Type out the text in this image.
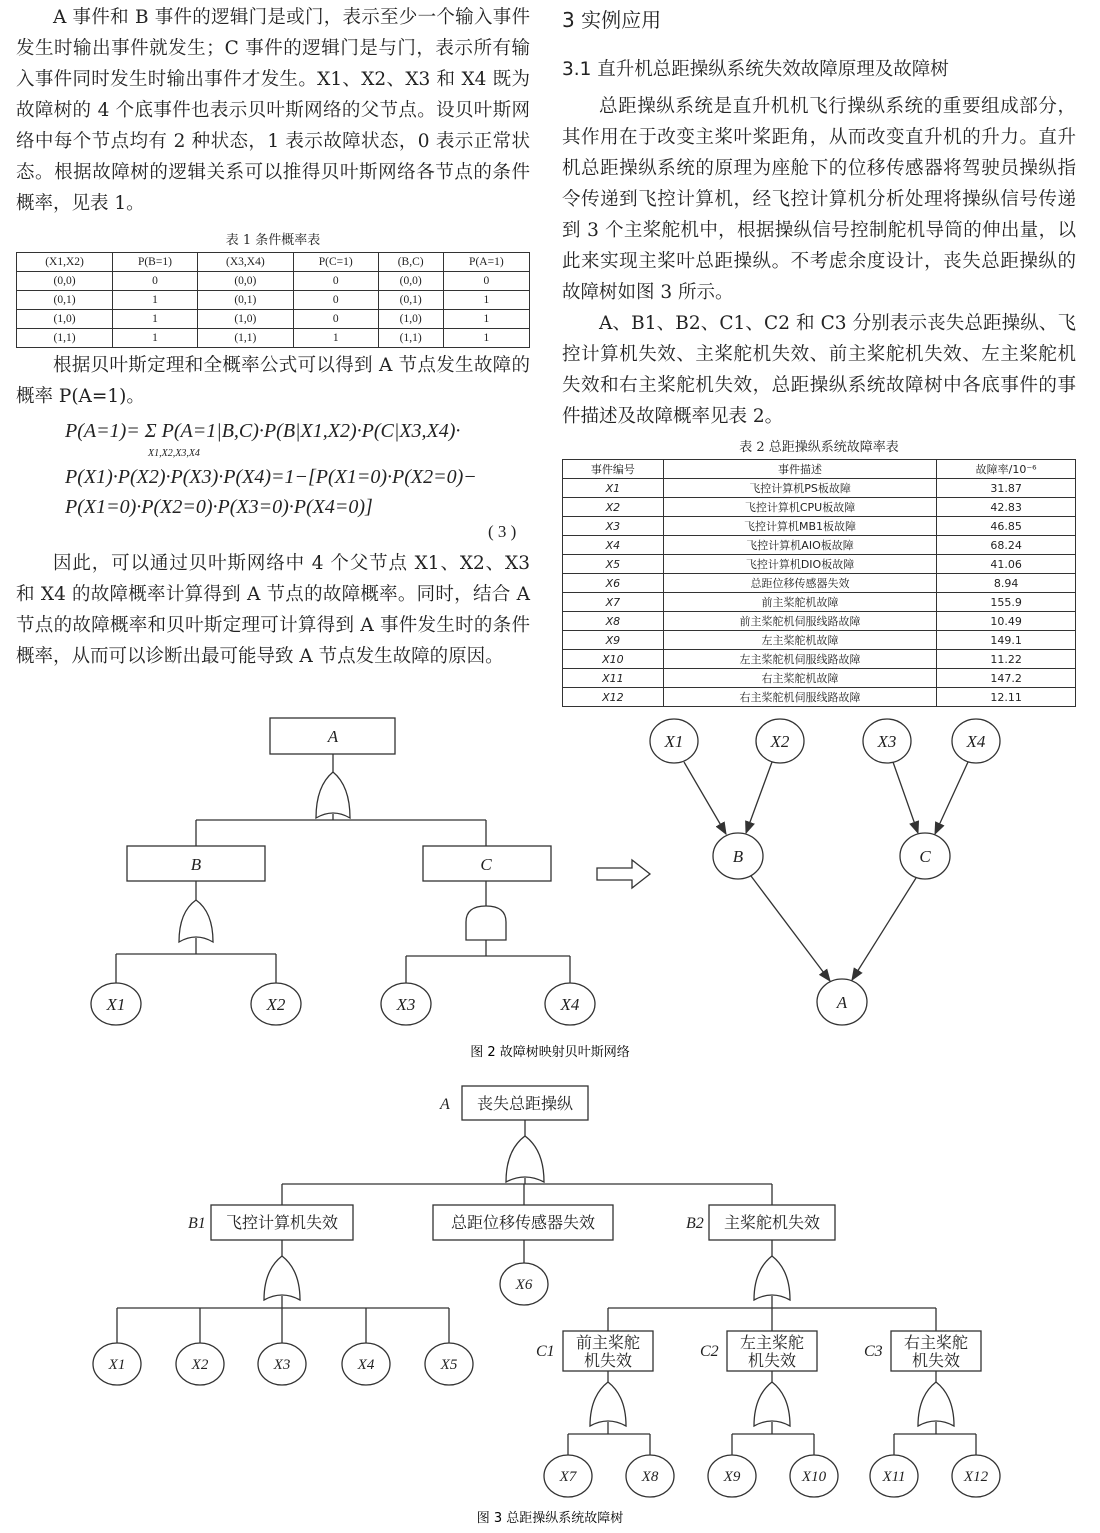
A 事件和 B 事件的逻辑门是或门，表示至少一个输入事件发生时输出事件就发生；C 事件的逻辑门是与门，表示所有输入事件同时发生时输出事件才发生。X1、X2、X3 和 X4 既为故障树的 4 个底事件也表示贝叶斯网络的父节点。设贝叶斯网络中每个节点均有 2 种状态，1 表示故障状态，0 表示正常状态。根据故障树的逻辑关系可以推得贝叶斯网络各节点的条件概率，见表 1。

表 1 条件概率表
(X1,X2)	P(B=1)	(X3,X4)	P(C=1)	(B,C)	P(A=1)
(0,0)	0	(0,0)	0	(0,0)	0
(0,1)	1	(0,1)	0	(0,1)	1
(1,0)	1	(1,0)	0	(1,0)	1
(1,1)	1	(1,1)	1	(1,1)	1

根据贝叶斯定理和全概率公式可以得到 A 节点发生故障的概率 P(A=1)。

P(A=1)= Σ P(A=1|B,C)·P(B|X1,X2)·P(C|X3,X4)·
X1,X2,X3,X4
P(X1)·P(X2)·P(X3)·P(X4)=1−[P(X1=0)·P(X2=0)−
P(X1=0)·P(X2=0)·P(X3=0)·P(X4=0)]
( 3 )

因此，可以通过贝叶斯网络中 4 个父节点 X1、X2、X3 和 X4 的故障概率计算得到 A 节点的故障概率。同时，结合 A 节点的故障概率和贝叶斯定理可计算得到 A 事件发生时的条件概率，从而可以诊断出最可能导致 A 节点发生故障的原因。

3 实例应用
3.1 直升机总距操纵系统失效故障原理及故障树

总距操纵系统是直升机机飞行操纵系统的重要组成部分，其作用在于改变主桨叶桨距角，从而改变直升机的升力。直升机总距操纵系统的原理为座舱下的位移传感器将驾驶员操纵指令传递到飞控计算机，经飞控计算机分析处理将操纵信号传递到 3 个主桨舵机中，根据操纵信号控制舵机导筒的伸出量，以此来实现主桨叶总距操纵。不考虑余度设计，丧失总距操纵的故障树如图 3 所示。

A、B1、B2、C1、C2 和 C3 分别表示丧失总距操纵、飞控计算机失效、主桨舵机失效、前主桨舵机失效、左主桨舵机失效和右主桨舵机失效，总距操纵系统故障树中各底事件的事件描述及故障概率见表 2。

表 2 总距操纵系统故障率表
事件编号	事件描述	故障率/10⁻⁶
X1	飞控计算机PS板故障	31.87
X2	飞控计算机CPU板故障	42.83
X3	飞控计算机MB1板故障	46.85
X4	飞控计算机AIO板故障	68.24
X5	飞控计算机DIO板故障	41.06
X6	总距位移传感器失效	8.94
X7	前主桨舵机故障	155.9
X8	前主桨舵机伺服线路故障	10.49
X9	左主桨舵机故障	149.1
X10	左主桨舵机伺服线路故障	11.22
X11	右主桨舵机故障	147.2
X12	右主桨舵机伺服线路故障	12.11
A
B	C
X1	X2	X3	X4
X1	X2	X3	X4
B	C
A
图 2 故障树映射贝叶斯网络
A 丧失总距操纵
B1 飞控计算机失效	总距位移传感器失效	B2 主桨舵机失效
C1 前主桨舵
机失效	C2 左主桨舵
机失效	C3 右主桨舵
机失效
X1	X2	X3	X4	X5
X6
X7	X8	X9	X10	X11	X12
图 3 总距操纵系统故障树
